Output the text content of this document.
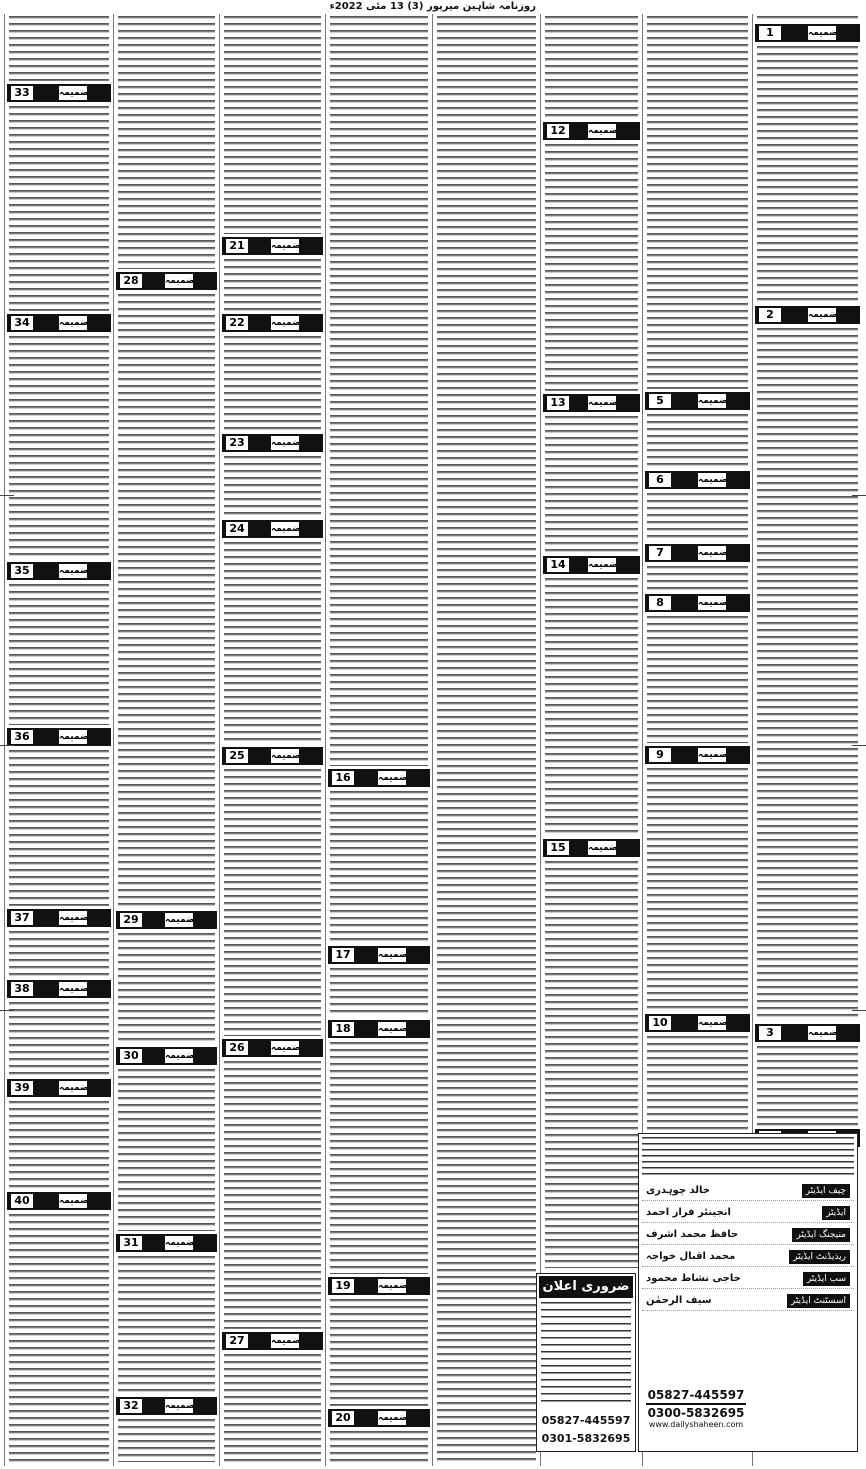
روزنامہ شاہین میرپور (3) 13 مئی 2022ء
33	ضمیمہ
34	ضمیمہ
35	ضمیمہ
36	ضمیمہ
37	ضمیمہ
38	ضمیمہ
39	ضمیمہ
40	ضمیمہ
28	ضمیمہ
29	ضمیمہ
30	ضمیمہ
31	ضمیمہ
32	ضمیمہ
21	ضمیمہ
22	ضمیمہ
23	ضمیمہ
24	ضمیمہ
25	ضمیمہ
26	ضمیمہ
27	ضمیمہ
16	ضمیمہ
17	ضمیمہ
18	ضمیمہ
19	ضمیمہ
20	ضمیمہ
12	ضمیمہ
13	ضمیمہ
14	ضمیمہ
15	ضمیمہ
5	ضمیمہ
6	ضمیمہ
7	ضمیمہ
8	ضمیمہ
9	ضمیمہ
10	ضمیمہ
1	ضمیمہ
2	ضمیمہ
3	ضمیمہ
چیف ایڈیٹر
خالد چوہدری
ایڈیٹر
انجینئر فراز احمد
منیجنگ ایڈیٹر
حافظ محمد اشرف
ریذیڈنٹ ایڈیٹر
محمد اقبال خواجہ
سب ایڈیٹر
حاجی نشاط محمود
اسسٹنٹ ایڈیٹر
سیف الرحمٰن
05827-445597
0300-5832695
www.dailyshaheen.com
ضروری اعلان
05827-445597
0301-5832695
